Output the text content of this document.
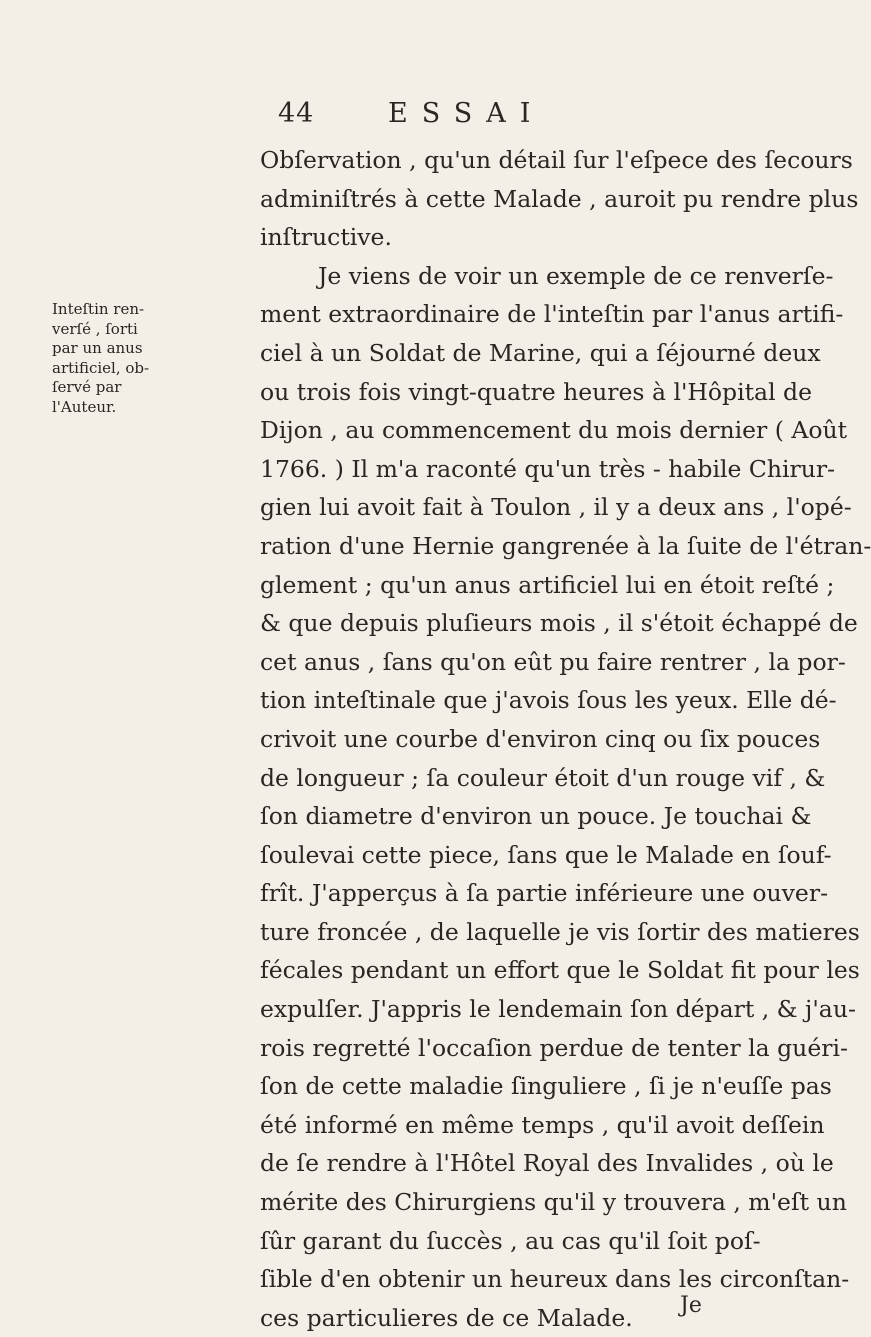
44	ESSAI
Inteſtin ren-
verſé , ſorti
par un anus
artificiel, ob-
ſervé par
l'Auteur.
Obſervation , qu'un détail ſur l'eſpece des ſecours
adminiſtrés à cette Malade , auroit pu rendre plus
inſtructive.
Je viens de voir un exemple de ce renverſe-
ment extraordinaire de l'inteſtin par l'anus artifi-
ciel à un Soldat de Marine, qui a ſéjourné deux
ou trois fois vingt-quatre heures à l'Hôpital de
Dijon , au commencement du mois dernier ( Août
1766. ) Il m'a raconté qu'un très - habile Chirur-
gien lui avoit fait à Toulon , il y a deux ans , l'opé-
ration d'une Hernie gangrenée à la ſuite de l'étran-
glement ; qu'un anus artificiel lui en étoit reſté ;
& que depuis pluſieurs mois , il s'étoit échappé de
cet anus , ſans qu'on eût pu faire rentrer , la por-
tion inteſtinale que j'avois ſous les yeux. Elle dé-
crivoit une courbe d'environ cinq ou ſix pouces
de longueur ; ſa couleur étoit d'un rouge vif , &
ſon diametre d'environ un pouce. Je touchai &
ſoulevai cette piece, ſans que le Malade en ſouf-
frît. J'apperçus à ſa partie inférieure une ouver-
ture froncée , de laquelle je vis ſortir des matieres
fécales pendant un effort que le Soldat fit pour les
expulſer. J'appris le lendemain ſon départ , & j'au-
rois regretté l'occaſion perdue de tenter la guéri-
ſon de cette maladie ſinguliere , ſi je n'euſſe pas
été informé en même temps , qu'il avoit deſſein
de ſe rendre à l'Hôtel Royal des Invalides , où le
mérite des Chirurgiens qu'il y trouvera , m'eſt un
ſûr garant du ſuccès , au cas qu'il ſoit poſ-
ſible d'en obtenir un heureux dans les circonſtan-
ces particulieres de ce Malade.	Je
